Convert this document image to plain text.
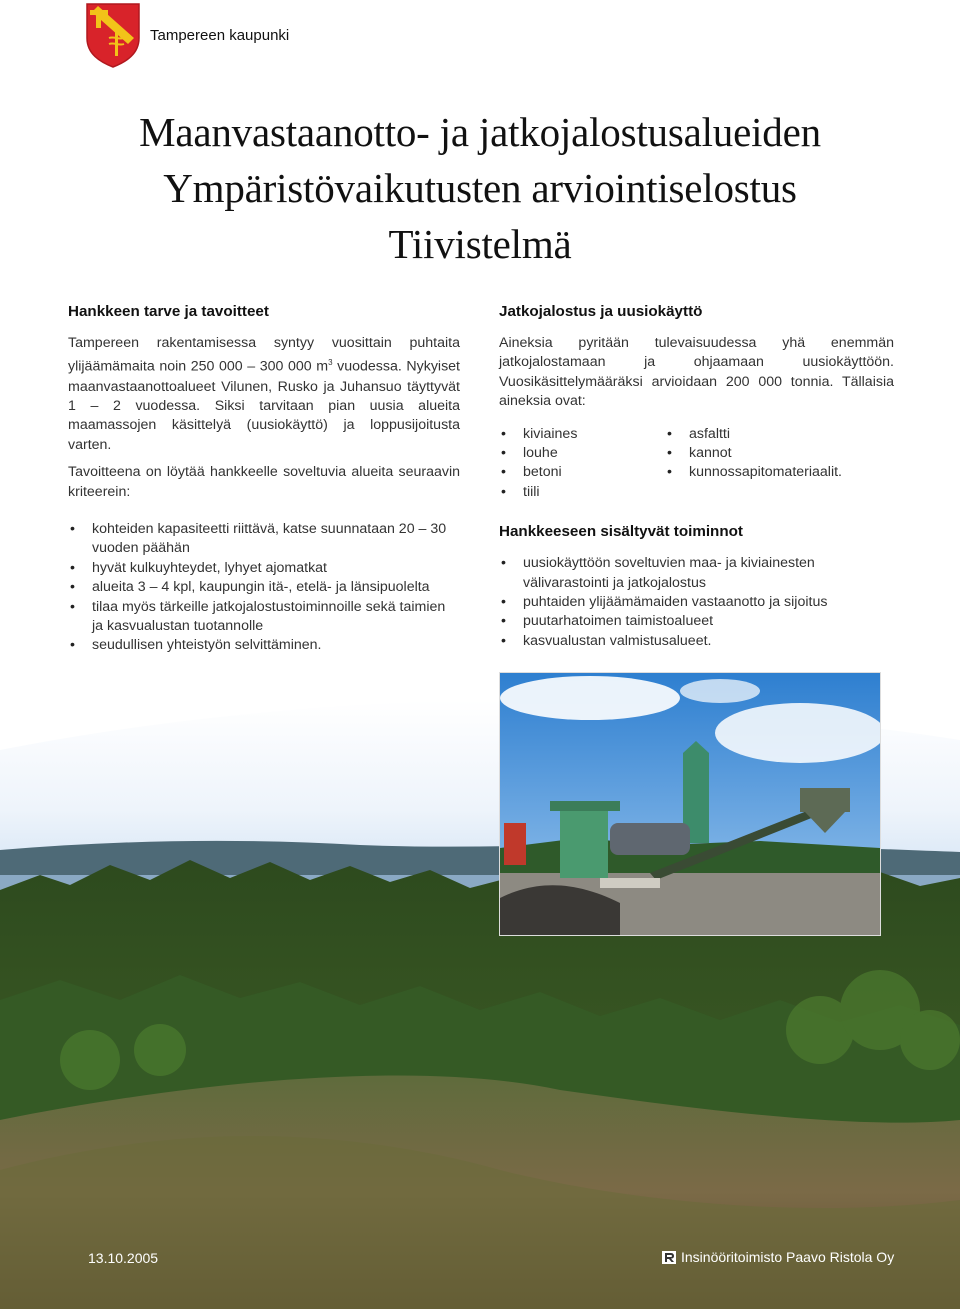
Tampereen kaupunki
Maanvastaanotto- ja jatkojalostusalueiden
Ympäristövaikutusten arviointiselostus
Tiivistelmä
Hankkeen tarve ja tavoitteet

Tampereen rakentamisessa syntyy vuosittain puhtaita ylijäämämaita noin 250 000 – 300 000 $m^3$ vuodessa. Nykyiset maanvastaanottoalueet Vilunen, Rusko ja Juhansuo täyttyvät 1 – 2 vuodessa. Siksi tarvitaan pian uusia alueita maamassojen käsittelyä (uusiokäyttö) ja loppusijoitusta varten.

Tavoitteena on löytää hankkeelle soveltuvia alueita seuraavin kriteerein:

• kohteiden kapasiteetti riittävä, katse suunnataan 20 – 30 vuoden päähän
• hyvät kulkuyhteydet, lyhyet ajomatkat
• alueita 3 – 4 kpl, kaupungin itä-, etelä- ja länsipuolelta
• tilaa myös tärkeille jatkojalostustoiminnoille sekä taimien ja kasvualustan tuotannolle
• seudullisen yhteistyön selvittäminen.
Jatkojalostus ja uusiokäyttö

Aineksia pyritään tulevaisuudessa yhä enemmän jatkojalostamaan ja ohjaamaan uusiokäyttöön. Vuosikäsittelymääräksi arvioidaan 200 000 tonnia. Tällaisia aineksia ovat:

• kiviaines
• louhe
• betoni
• tiili
• asfaltti
• kannot
• kunnossapitomateriaalit.
Hankkeeseen sisältyvät toiminnot
• uusiokäyttöön soveltuvien maa- ja kiviainesten välivarastointi ja jatkojalostus
• puhtaiden ylijäämämaiden vastaanotto ja sijoitus
• puutarhatoimen taimistoalueet
• kasvualustan valmistusalueet.
13.10.2005	Insinööritoimisto Paavo Ristola Oy
